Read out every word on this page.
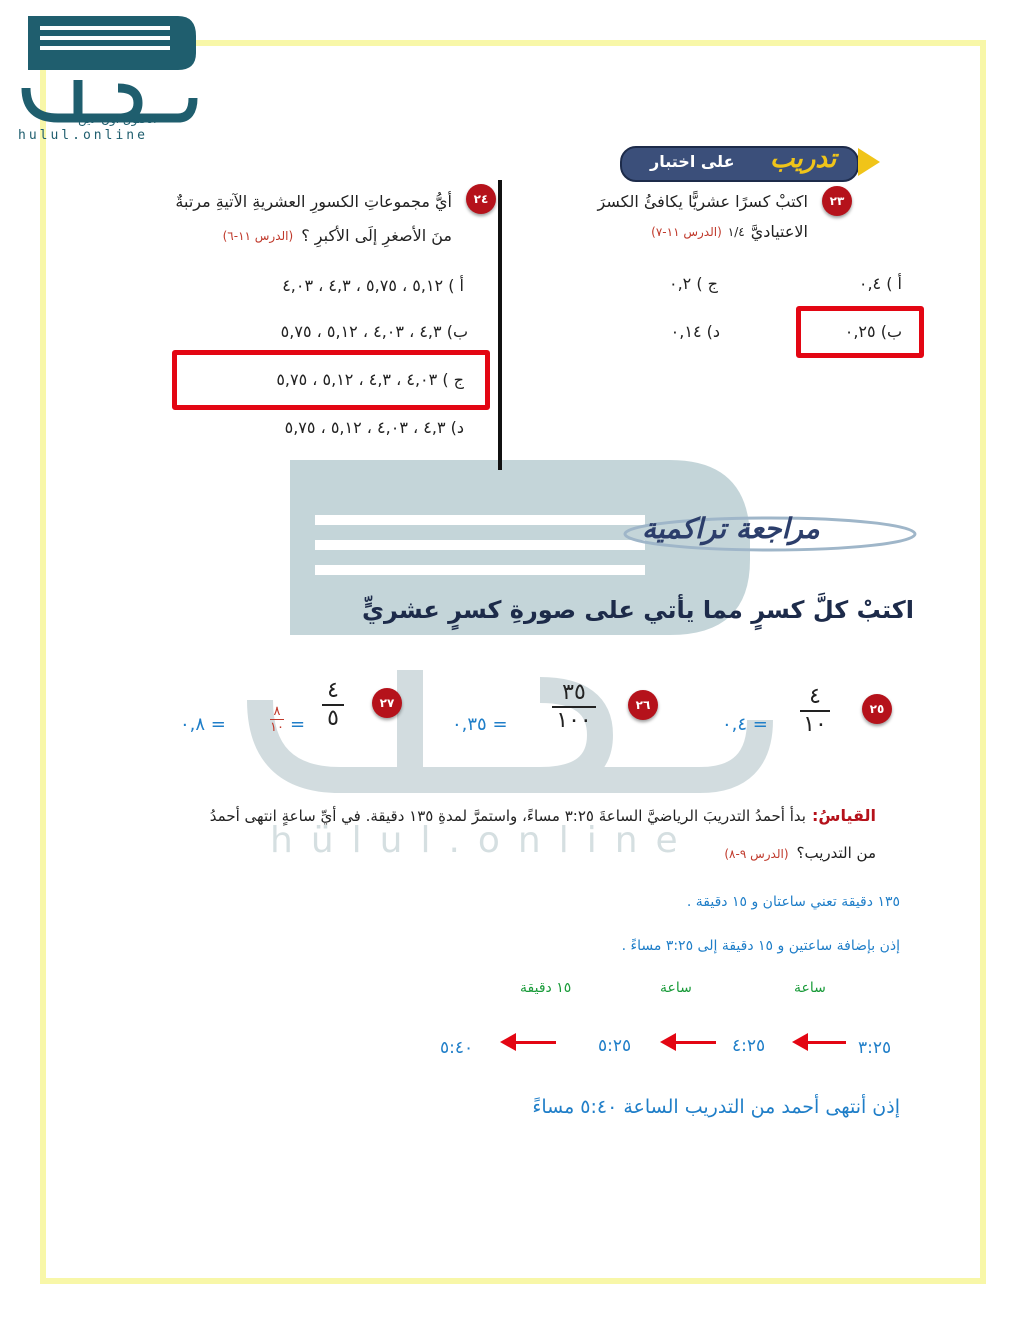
الحلول اون لاين
hulul.online
hülul.online
على اختبار تدريب
٢٣
اكتبْ كسرًا عشريًّا يكافئُ الكسرَ
الاعتياديَّ
١/٤
(الدرس ١١-٧)
أ ) ٠,٤
ج ) ٠,٢
ب) ٠,٢٥
د) ٠,١٤
٢٤
أيُّ مجموعاتِ الكسورِ العشريةِ الآتيةِ مرتبةٌ
منَ الأصغرِ إلَى الأكبرِ ؟
(الدرس ١١-٦)
أ ) ٥,١٢ ، ٥,٧٥ ، ٤,٣ ، ٤,٠٣
ب) ٤,٣ ، ٤,٠٣ ، ٥,١٢ ، ٥,٧٥
ج ) ٤,٠٣ ، ٤,٣ ، ٥,١٢ ، ٥,٧٥
د) ٤,٣ ، ٤,٠٣ ، ٥,١٢ ، ٥,٧٥
مراجعة تراكمية
اكتبْ كلَّ كسرٍ مما يأتي على صورةِ كسرٍ عشريٍّ
٢٥
٤
١٠
٠,٤ =
٢٦
٣٥
١٠٠
٠,٣٥ =
٢٧
٤
٥
=
٨
١٠
٠,٨ =
القياسُ:
بدأ أحمدُ التدريبَ الرياضيَّ الساعةَ ٣:٢٥ مساءً، واستمرَّ لمدةِ ١٣٥ دقيقة. في أيِّ ساعةٍ انتهى أحمدُ
من التدريب؟
(الدرس ٩-٨)
١٣٥ دقيقة تعني ساعتان و ١٥ دقيقة .
إذن بإضافة ساعتين و ١٥ دقيقة إلى ٣:٢٥ مساءً .
ساعة
ساعة
١٥ دقيقة
٣:٢٥
٤:٢٥
٥:٢٥
٥:٤٠
إذن أنتهى أحمد من التدريب الساعة ٥:٤٠ مساءً
